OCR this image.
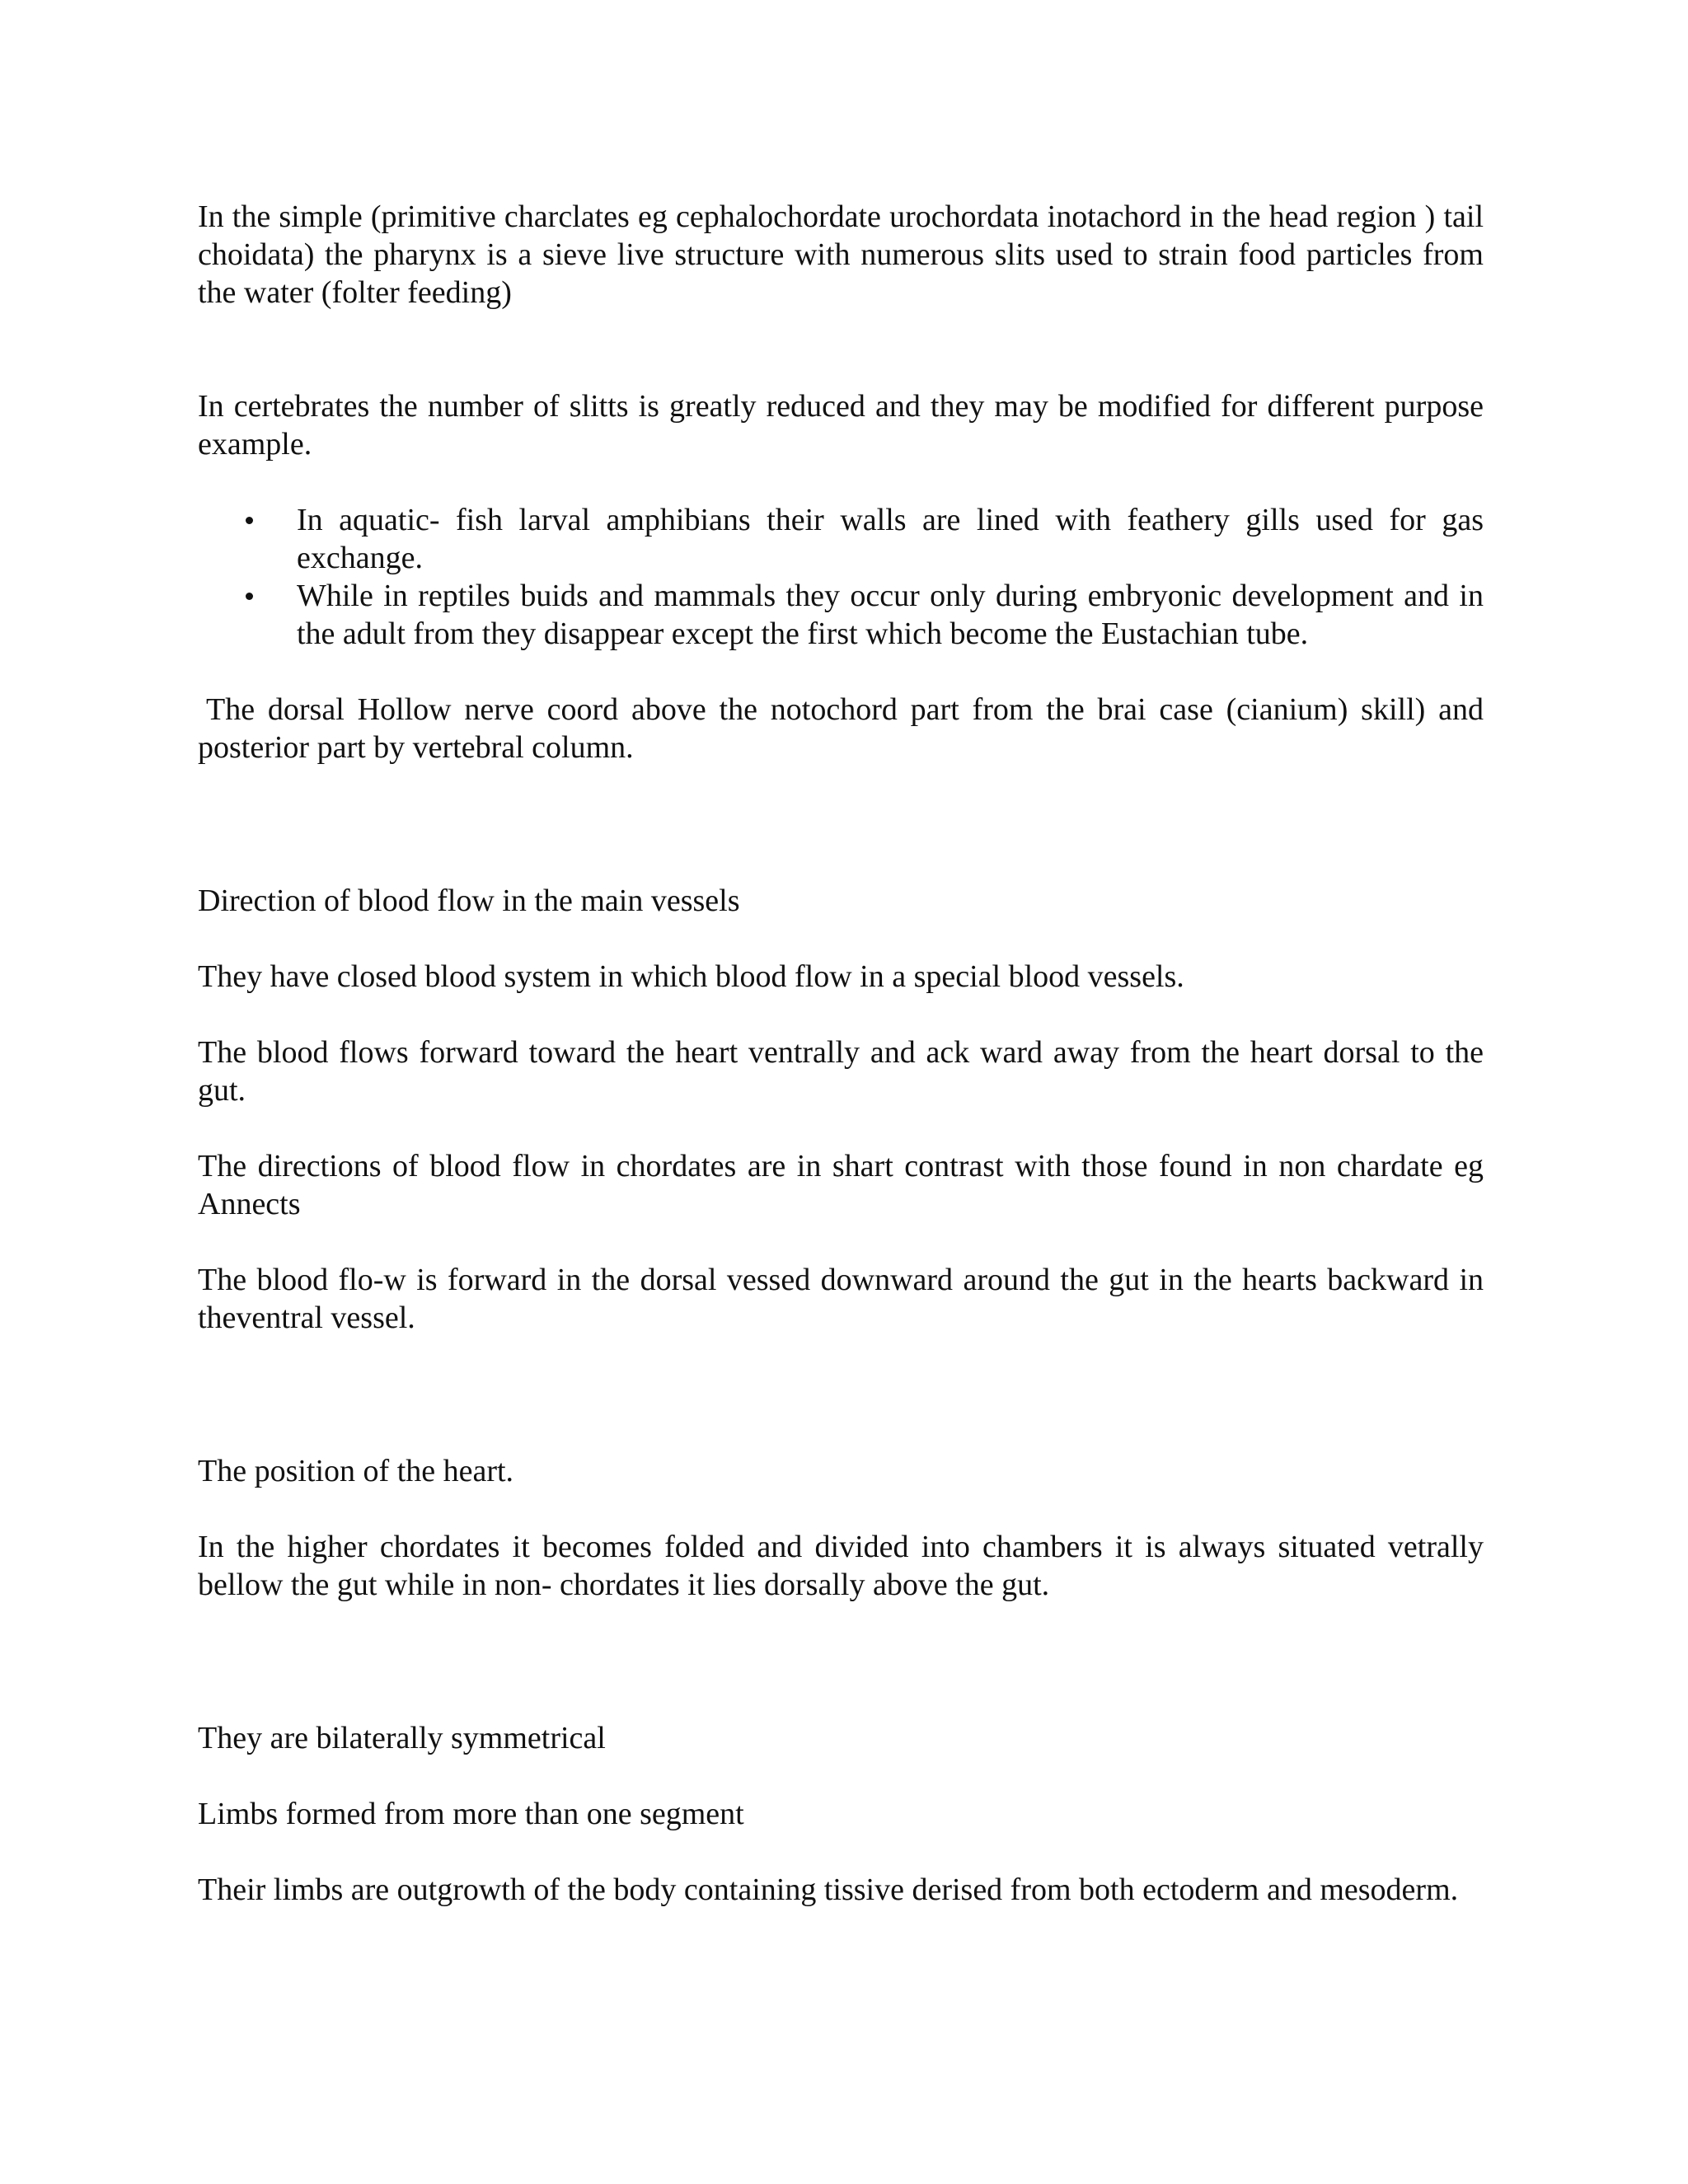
In the simple (primitive charclates eg cephalochordate urochordata inotachord in the head region ) tail choidata) the pharynx is a sieve live structure with numerous slits used to strain food particles from the water (folter feeding)

In certebrates the number of slitts is greatly reduced and they may be modified for different purpose example.

In aquatic- fish larval amphibians their walls are lined with feathery gills used for gas exchange.
While in reptiles buids and mammals they occur only during embryonic development and in the adult from they disappear except the first which become the Eustachian tube.

The dorsal Hollow nerve coord above the notochord part from the brai case (cianium) skill) and posterior part by vertebral column.

Direction of blood flow in the main vessels

They have closed blood system in which blood flow in a special blood vessels.

The blood flows forward toward the heart ventrally and ack ward away from the heart dorsal to the gut.

The directions of blood flow in chordates are in shart contrast with those found in non chardate eg Annects

The blood flo-w is forward in the dorsal vessed downward around the gut in the hearts backward in theventral vessel.

The position of the heart.

In the higher chordates it becomes folded and divided into chambers it is always situated vetrally bellow the gut while in non- chordates it lies dorsally above the gut.

They are bilaterally symmetrical

Limbs formed from more than one segment

Their limbs are outgrowth of the body containing tissive derised from both ectoderm and mesoderm.
